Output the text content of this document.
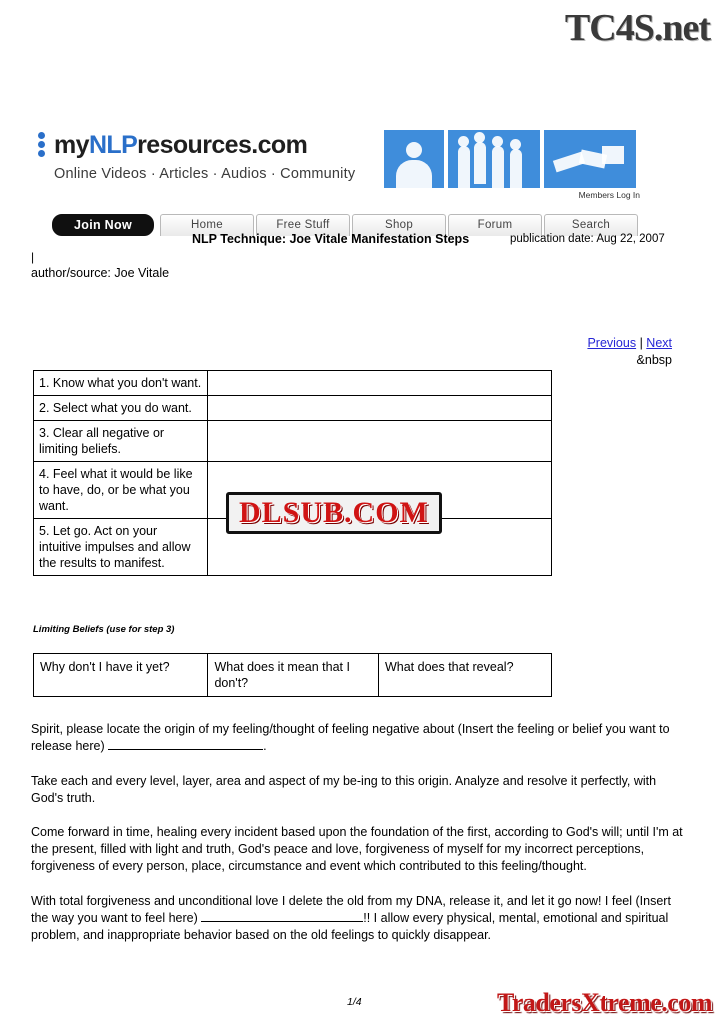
TC4S.net
myNLPresources.com
Online Videos · Articles · Audios · Community
Members Log In
Join Now	Home	Free Stuff	Shop	Forum	Search
NLP Technique: Joe Vitale Manifestation Steps	publication date: Aug 22, 2007
|
author/source: Joe Vitale
Previous | Next
&nbsp
1. Know what you don't want.	
2. Select what you do want.	
3. Clear all negative or limiting beliefs.	
4. Feel what it would be like to have, do, or be what you want.	
5. Let go. Act on your intuitive impulses and allow the results to manifest.	
DLSUB.COM
Limiting Beliefs (use for step 3)
Why don't I have it yet?	What does it mean that I don't?	What does that reveal?
Spirit, please locate the origin of my feeling/thought of feeling negative about (Insert the feeling or belief you want to release here)	.
Take each and every level, layer, area and aspect of my be-ing to this origin. Analyze and resolve it perfectly, with God's truth.
Come forward in time, healing every incident based upon the foundation of the first, according to God's will; until I'm at the present, filled with light and truth, God's peace and love, forgiveness of myself for my incorrect perceptions, forgiveness of every person, place, circumstance and event which contributed to this feeling/thought.
With total forgiveness and unconditional love I delete the old from my DNA, release it, and let it go now! I feel (Insert the way you want to feel here)	!! I allow every physical, mental, emotional and spiritual problem, and inappropriate behavior based on the old feelings to quickly disappear.
1/4	TradersXtreme.com
